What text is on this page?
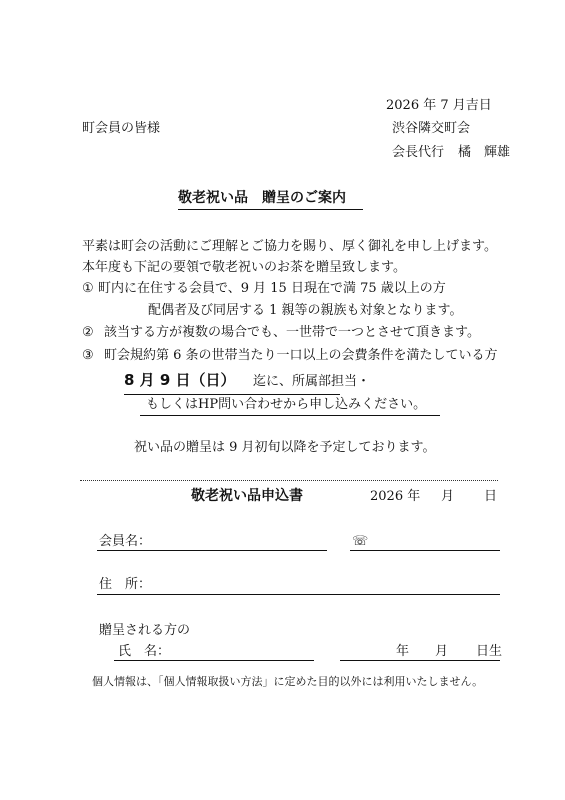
2026 年 7 月吉日
町会員の皆様	渋谷隣交町会
会長代行 橘　輝雄
敬老祝い品　贈呈のご案内
平素は町会の活動にご理解とご協力を賜り、厚く御礼を申し上げます。
本年度も下記の要領で敬老祝いのお茶を贈呈致します。
① 町内に在住する会員で、9 月 15 日現在で満 75 歳以上の方
配偶者及び同居する 1 親等の親族も対象となります。
② 該当する方が複数の場合でも、一世帯で一つとさせて頂きます。
③ 町会規約第 6 条の世帯当たり一口以上の会費条件を満たしている方
8 月 9 日（日） 迄に、所属部担当・
もしくはHP問い合わせから申し込みください。
祝い品の贈呈は 9 月初旬以降を予定しております。
敬老祝い品申込書	2026 年 月 日
会員名：	☏
住　所：
贈呈される方の
氏　名：	年 月 日生
個人情報は、「個人情報取扱い方法」に定めた目的以外には利用いたしません。
